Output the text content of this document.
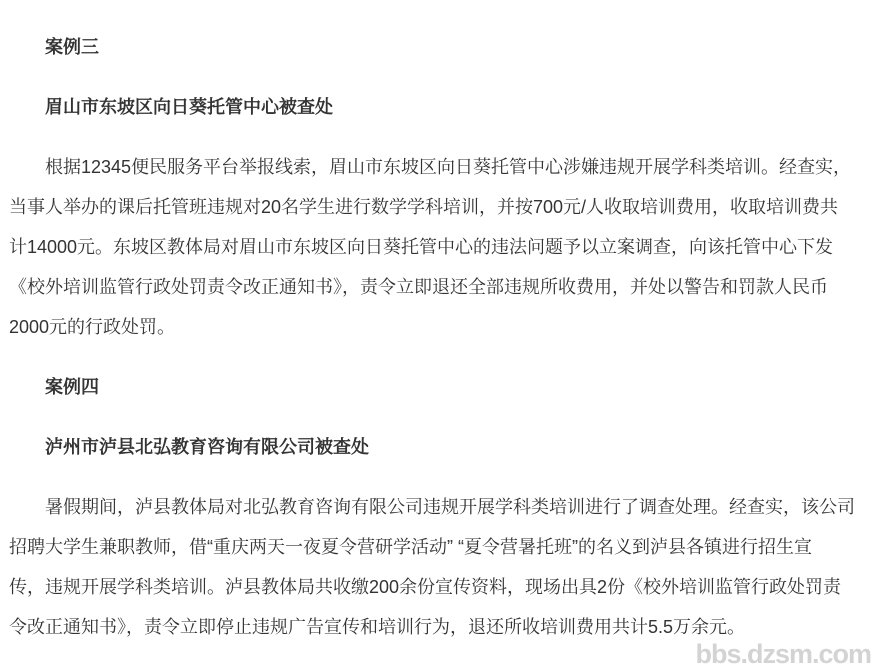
案例三

眉山市东坡区向日葵托管中心被查处

根据12345便民服务平台举报线索，眉山市东坡区向日葵托管中心涉嫌违规开展学科类培训。经查实，
当事人举办的课后托管班违规对20名学生进行数学学科培训，并按700元/人收取培训费用，收取培训费共
计14000元。东坡区教体局对眉山市东坡区向日葵托管中心的违法问题予以立案调查，向该托管中心下发
《校外培训监管行政处罚责令改正通知书》，责令立即退还全部违规所收费用，并处以警告和罚款人民币
2000元的行政处罚。

案例四

泸州市泸县北弘教育咨询有限公司被查处

暑假期间，泸县教体局对北弘教育咨询有限公司违规开展学科类培训进行了调查处理。经查实，该公司
招聘大学生兼职教师，借“重庆两天一夜夏令营研学活动” “夏令营暑托班”的名义到泸县各镇进行招生宣
传，违规开展学科类培训。泸县教体局共收缴200余份宣传资料，现场出具2份《校外培训监管行政处罚责
令改正通知书》，责令立即停止违规广告宣传和培训行为，退还所收培训费用共计5.5万余元。

bbs.dzsm.com
